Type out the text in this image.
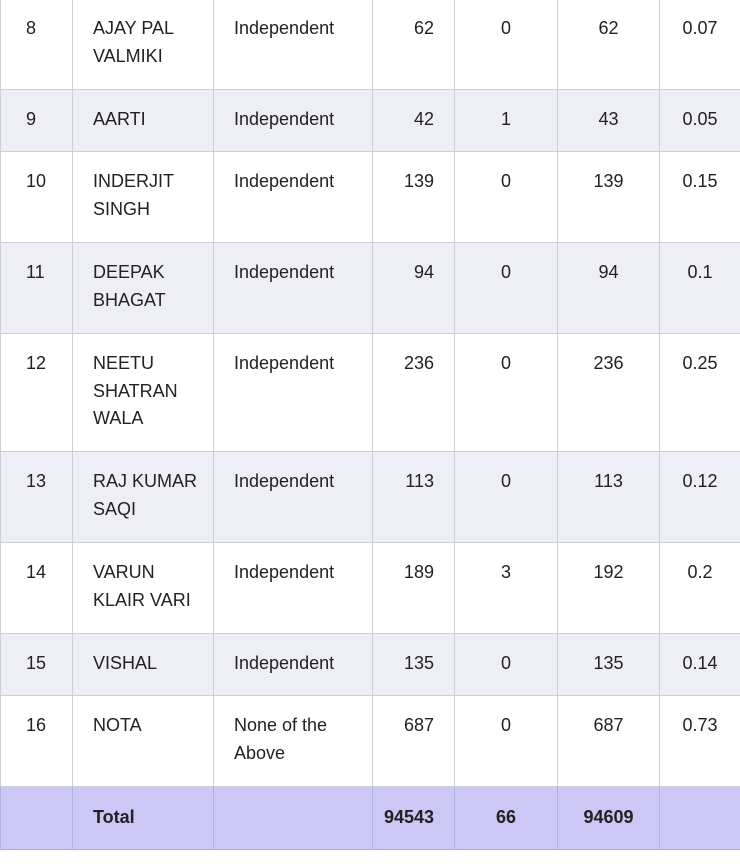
8	AJAY PAL VALMIKI	Independent	62	0	62	0.07
9	AARTI	Independent	42	1	43	0.05
10	INDERJIT SINGH	Independent	139	0	139	0.15
11	DEEPAK BHAGAT	Independent	94	0	94	0.1
12	NEETU SHATRAN WALA	Independent	236	0	236	0.25
13	RAJ KUMAR SAQI	Independent	113	0	113	0.12
14	VARUN KLAIR VARI	Independent	189	3	192	0.2
15	VISHAL	Independent	135	0	135	0.14
16	NOTA	None of the Above	687	0	687	0.73
	Total		94543	66	94609	
